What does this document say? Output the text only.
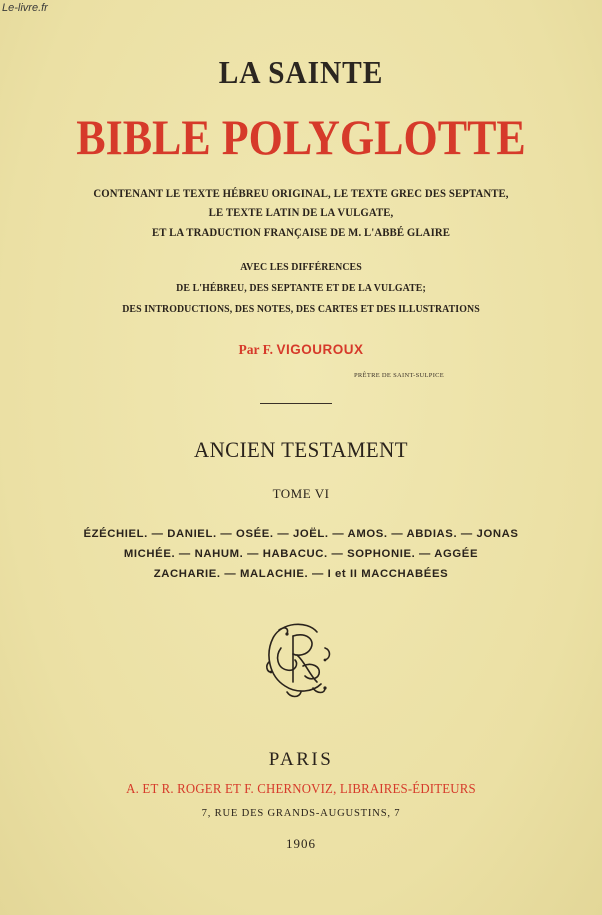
Le-livre.fr
LA SAINTE
BIBLE POLYGLOTTE
CONTENANT LE TEXTE HÉBREU ORIGINAL, LE TEXTE GREC DES SEPTANTE,
LE TEXTE LATIN DE LA VULGATE,
ET LA TRADUCTION FRANÇAISE DE M. L'ABBÉ GLAIRE
AVEC LES DIFFÉRENCES
DE L'HÉBREU, DES SEPTANTE ET DE LA VULGATE;
DES INTRODUCTIONS, DES NOTES, DES CARTES ET DES ILLUSTRATIONS
Par F. VIGOUROUX
PRÊTRE DE SAINT-SULPICE
ANCIEN TESTAMENT
TOME VI
ÉZÉCHIEL. — DANIEL. — OSÉE. — JOËL. — AMOS. — ABDIAS. — JONAS
MICHÉE. — NAHUM. — HABACUC. — SOPHONIE. — AGGÉE
ZACHARIE. — MALACHIE. — I et II MACCHABÉES
PARIS
A. ET R. ROGER ET F. CHERNOVIZ, LIBRAIRES-ÉDITEURS
7, RUE DES GRANDS-AUGUSTINS, 7
1906
